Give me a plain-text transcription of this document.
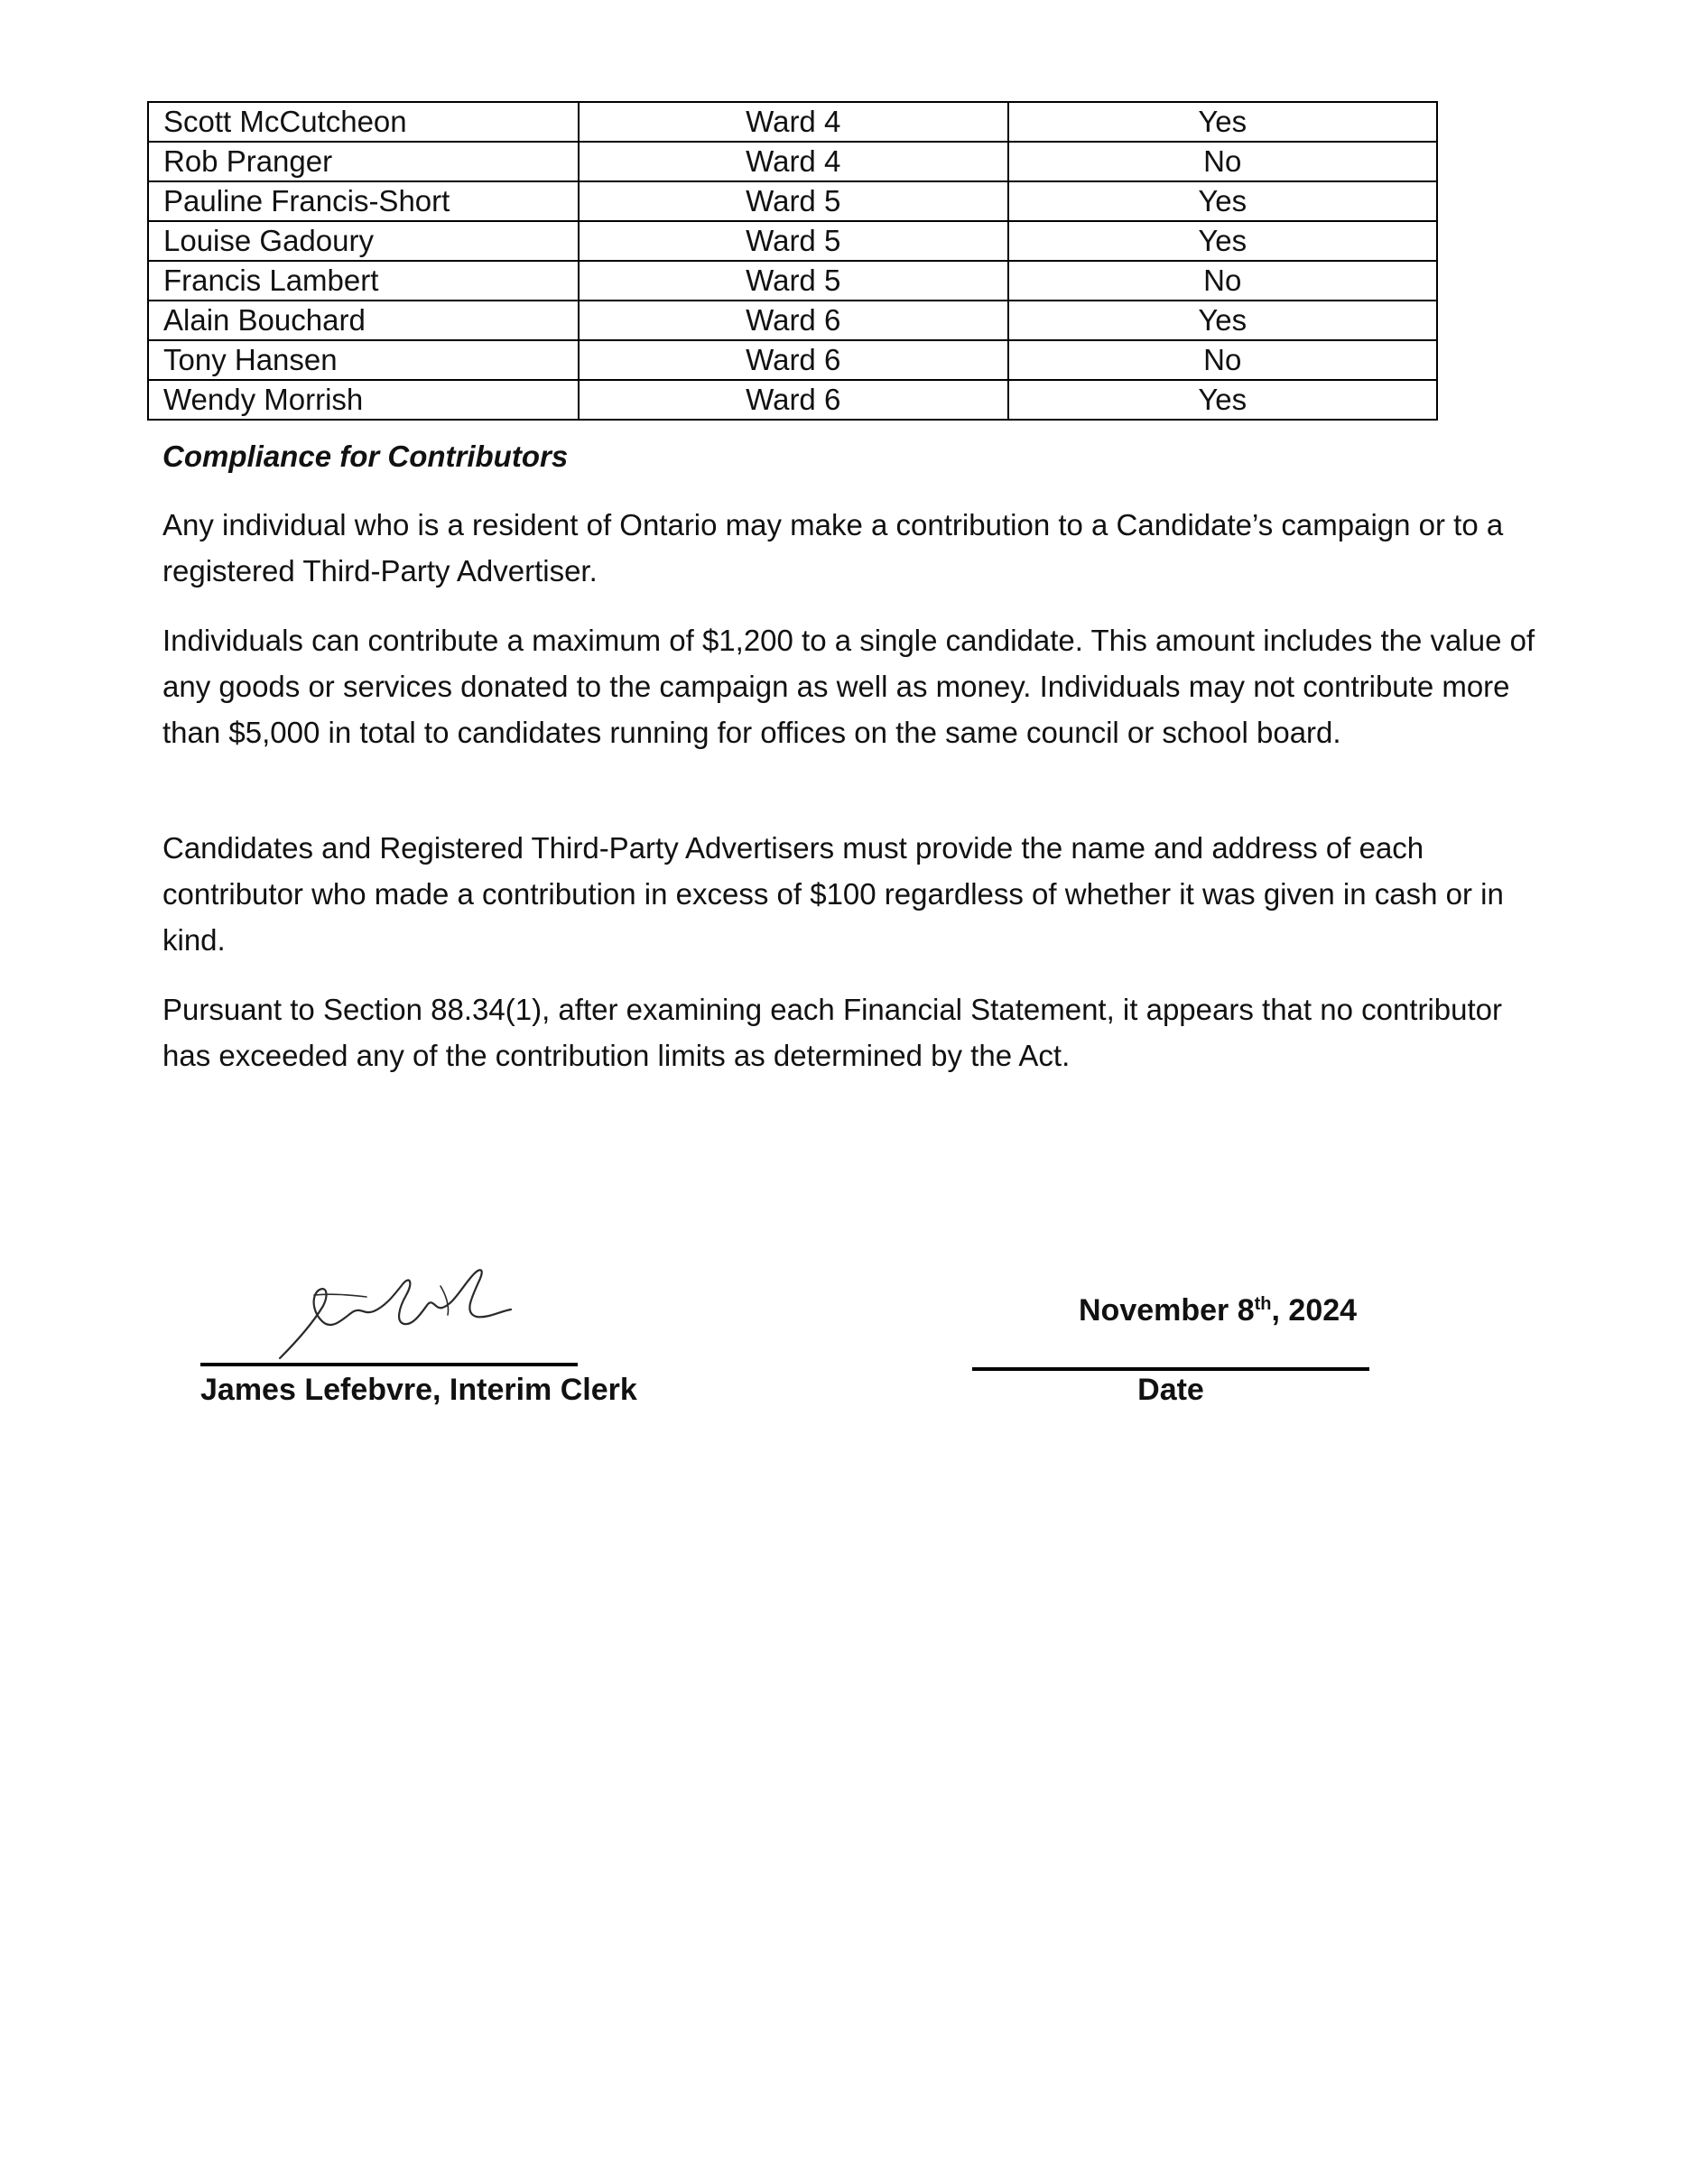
Scott McCutcheon	Ward 4	Yes
Rob Pranger	Ward 4	No
Pauline Francis-Short	Ward 5	Yes
Louise Gadoury	Ward 5	Yes
Francis Lambert	Ward 5	No
Alain Bouchard	Ward 6	Yes
Tony Hansen	Ward 6	No
Wendy Morrish	Ward 6	Yes

Compliance for Contributors

Any individual who is a resident of Ontario may make a contribution to a Candidate’s campaign or to a registered Third-Party Advertiser.

Individuals can contribute a maximum of $1,200 to a single candidate. This amount includes the value of any goods or services donated to the campaign as well as money. Individuals may not contribute more than $5,000 in total to candidates running for offices on the same council or school board.

Candidates and Registered Third-Party Advertisers must provide the name and address of each contributor who made a contribution in excess of $100 regardless of whether it was given in cash or in kind.

Pursuant to Section 88.34(1), after examining each Financial Statement, it appears that no contributor has exceeded any of the contribution limits as determined by the Act.

James Lefebvre, Interim Clerk
November 8th, 2024
Date
